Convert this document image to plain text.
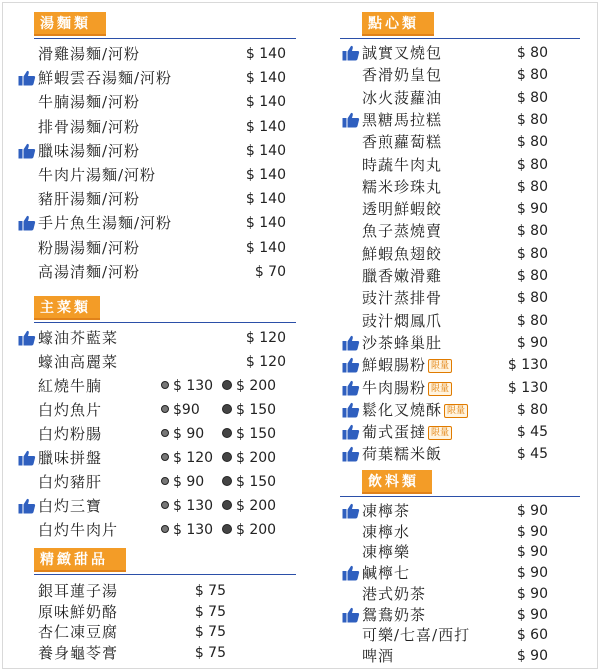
湯麵類
滑雞湯麵/河粉	$ 140
鮮蝦雲吞湯麵/河粉	$ 140
牛腩湯麵/河粉	$ 140
排骨湯麵/河粉	$ 140
臘味湯麵/河粉	$ 140
牛肉片湯麵/河粉	$ 140
豬肝湯麵/河粉	$ 140
手片魚生湯麵/河粉	$ 140
粉腸湯麵/河粉	$ 140
高湯清麵/河粉	$ 70
主菜類
蠔油芥藍菜	$ 120
蠔油高麗菜	$ 120
紅燒牛腩	$ 130	$ 200
白灼魚片	$90	$ 150
白灼粉腸	$ 90	$ 150
臘味拼盤	$ 120	$ 200
白灼豬肝	$ 90	$ 150
白灼三寶	$ 130	$ 200
白灼牛肉片	$ 130	$ 200
精緻甜品
銀耳蓮子湯	$ 75
原味鮮奶酪	$ 75
杏仁凍豆腐	$ 75
養身龜苓膏	$ 75
點心類
誠實叉燒包	$ 80
香滑奶皇包	$ 80
冰火菠蘿油	$ 80
黑糖馬拉糕	$ 80
香煎蘿蔔糕	$ 80
時蔬牛肉丸	$ 80
糯米珍珠丸	$ 80
透明鮮蝦餃	$ 90
魚子蒸燒賣	$ 80
鮮蝦魚翅餃	$ 80
臘香嫩滑雞	$ 80
豉汁蒸排骨	$ 80
豉汁燜鳳爪	$ 80
沙茶蜂巢肚	$ 90
鮮蝦腸粉 限量	$ 130
牛肉腸粉 限量	$ 130
鬆化叉燒酥 限量	$ 80
葡式蛋撻 限量	$ 45
荷葉糯米飯	$ 45
飲料類
凍檸茶	$ 90
凍檸水	$ 90
凍檸樂	$ 90
鹹檸七	$ 90
港式奶茶	$ 90
鴛鴦奶茶	$ 90
可樂/七喜/西打	$ 60
啤酒	$ 90
